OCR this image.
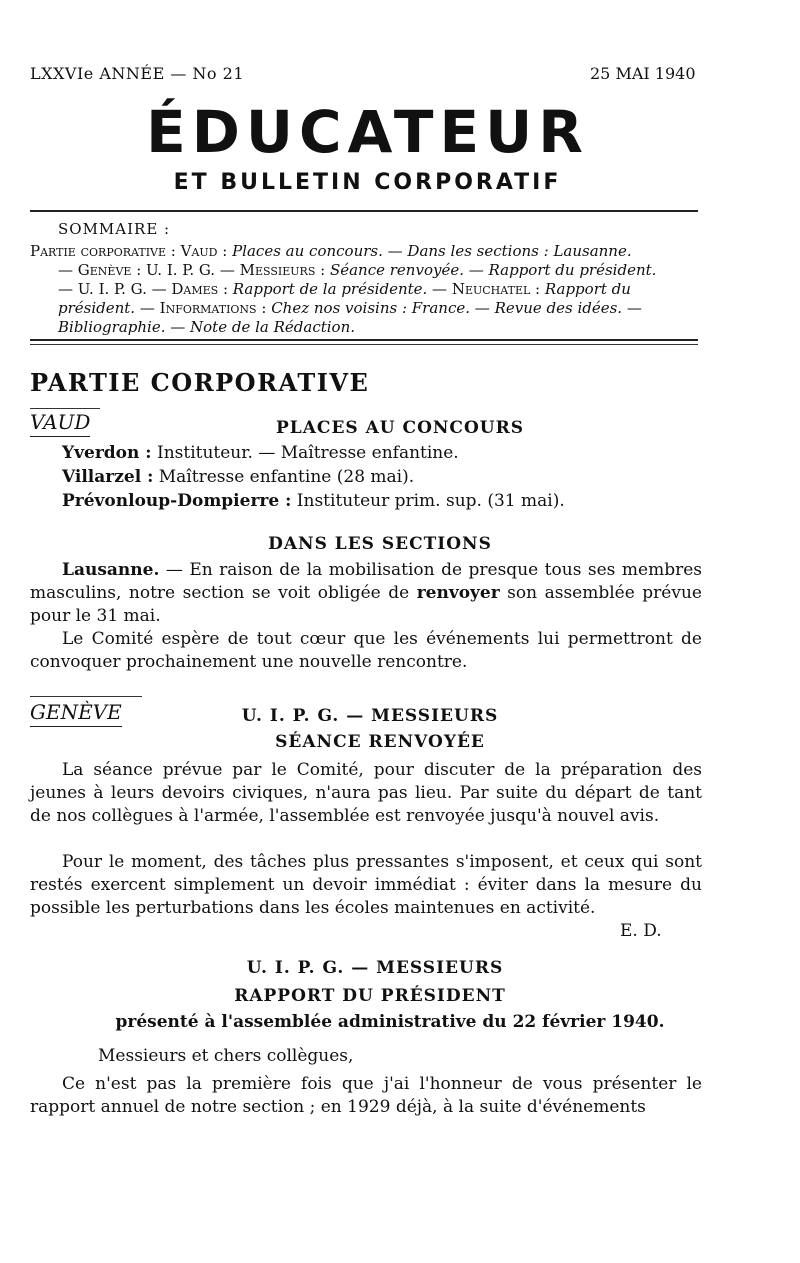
LXXVIe ANNÉE — No 21	25 MAI 1940
ÉDUCATEUR
ET BULLETIN CORPORATIF
SOMMAIRE :
Partie corporative : Vaud : Places au concours. — Dans les sections : Lausanne.
— Genève : U. I. P. G. — Messieurs : Séance renvoyée. — Rapport du président.
— U. I. P. G. — Dames : Rapport de la présidente. — Neuchatel : Rapport du
président. — Informations : Chez nos voisins : France. — Revue des idées. —
Bibliographie. — Note de la Rédaction.
PARTIE CORPORATIVE
VAUD	PLACES AU CONCOURS
Yverdon : Instituteur. — Maîtresse enfantine.
Villarzel : Maîtresse enfantine (28 mai).
Prévonloup-Dompierre : Instituteur prim. sup. (31 mai).
DANS LES SECTIONS
Lausanne. — En raison de la mobilisation de presque tous ses membres masculins, notre section se voit obligée de renvoyer son assemblée prévue pour le 31 mai.
Le Comité espère de tout cœur que les événements lui permettront de convoquer prochainement une nouvelle rencontre.
GENÈVE	U. I. P. G. — MESSIEURS
SÉANCE RENVOYÉE
La séance prévue par le Comité, pour discuter de la préparation des jeunes à leurs devoirs civiques, n'aura pas lieu. Par suite du départ de tant de nos collègues à l'armée, l'assemblée est renvoyée jusqu'à nouvel avis.
Pour le moment, des tâches plus pressantes s'imposent, et ceux qui sont restés exercent simplement un devoir immédiat : éviter dans la mesure du possible les perturbations dans les écoles maintenues en activité.
E. D.
U. I. P. G. — MESSIEURS
RAPPORT DU PRÉSIDENT
présenté à l'assemblée administrative du 22 février 1940.
Messieurs et chers collègues,
Ce n'est pas la première fois que j'ai l'honneur de vous présenter le rapport annuel de notre section ; en 1929 déjà, à la suite d'événements
